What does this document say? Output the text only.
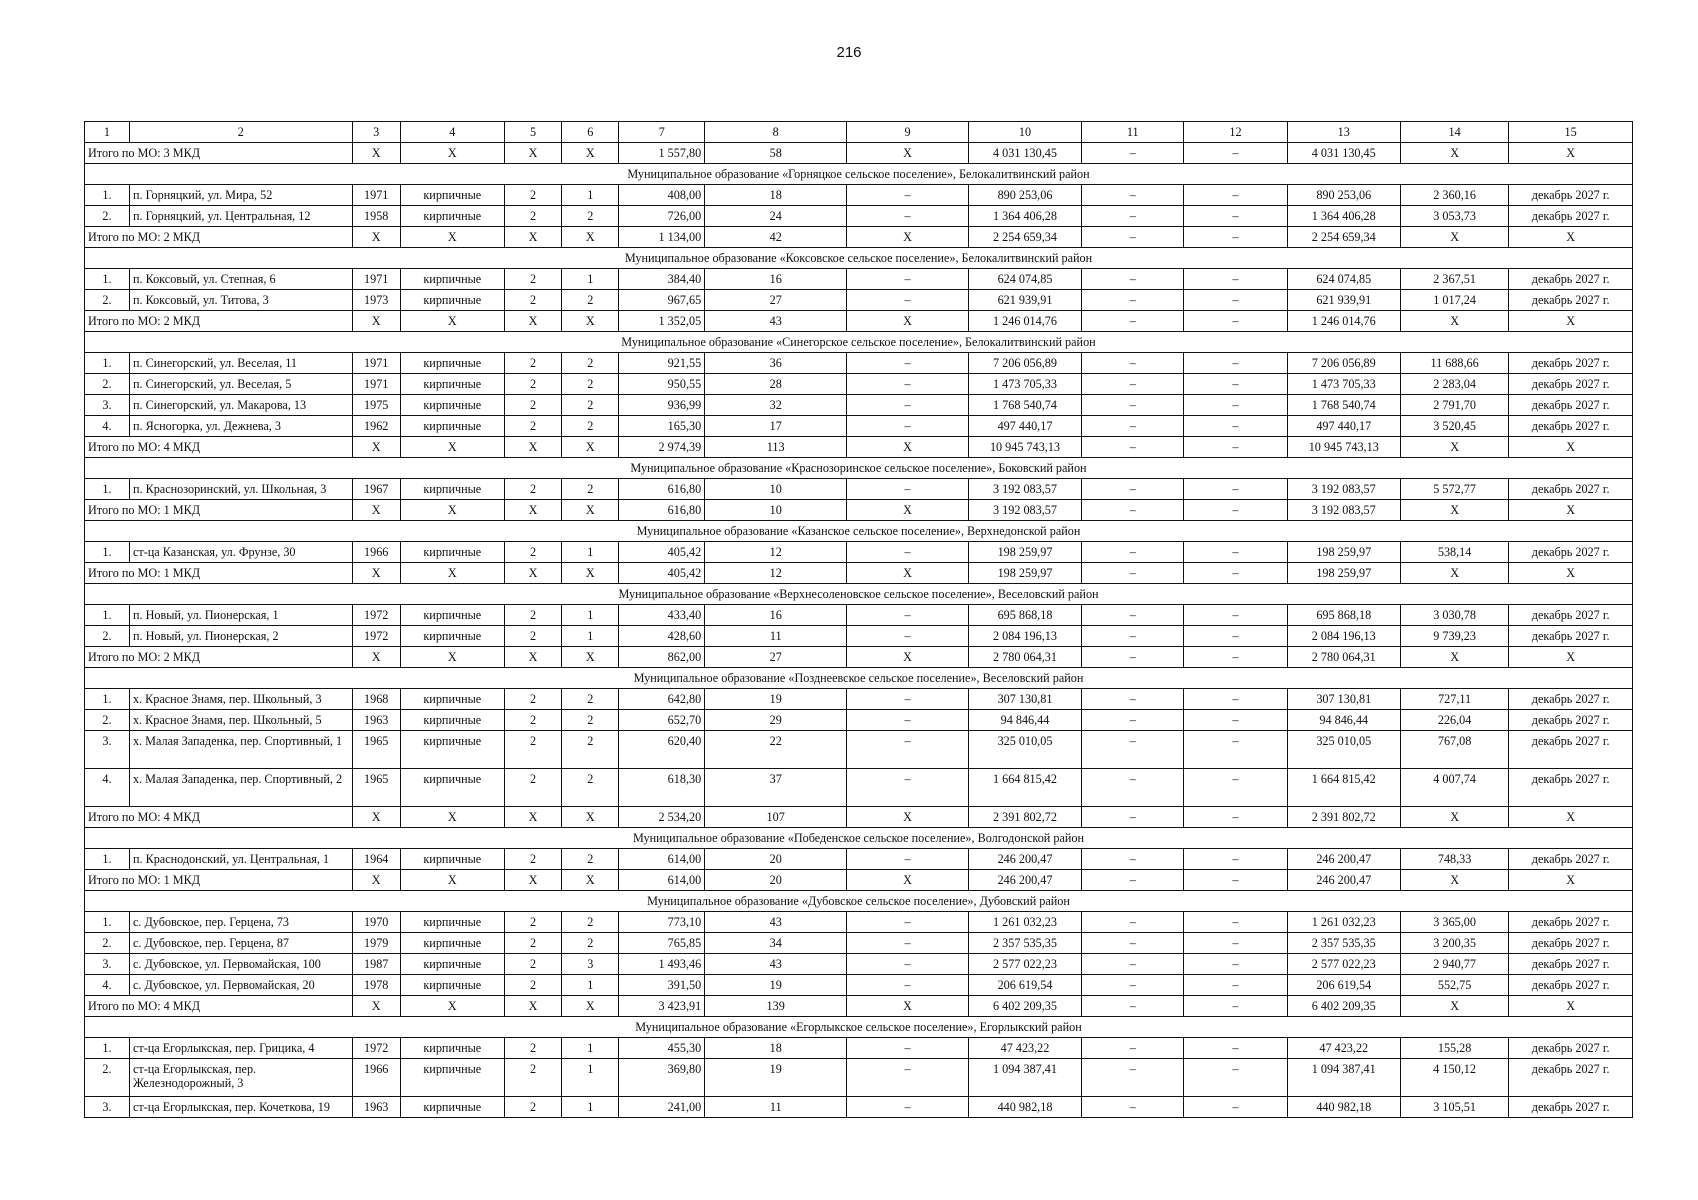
216
1	2	3	4	5	6	7	8	9	10	11	12	13	14	15
Итого по МО: 3 МКД		X	X	X	X	1 557,80	58	X	4 031 130,45	–	–	4 031 130,45	X	X
Муниципальное образование «Горняцкое сельское поселение», Белокалитвинский район														
1.	п. Горняцкий, ул. Мира, 52	1971	кирпичные	2	1	408,00	18	–	890 253,06	–	–	890 253,06	2 360,16	декабрь 2027 г.
2.	п. Горняцкий, ул. Центральная, 12	1958	кирпичные	2	2	726,00	24	–	1 364 406,28	–	–	1 364 406,28	3 053,73	декабрь 2027 г.
Итого по МО: 2 МКД		X	X	X	X	1 134,00	42	X	2 254 659,34	–	–	2 254 659,34	X	X
Муниципальное образование «Коксовское сельское поселение», Белокалитвинский район														
1.	п. Коксовый, ул. Степная, 6	1971	кирпичные	2	1	384,40	16	–	624 074,85	–	–	624 074,85	2 367,51	декабрь 2027 г.
2.	п. Коксовый, ул. Титова, 3	1973	кирпичные	2	2	967,65	27	–	621 939,91	–	–	621 939,91	1 017,24	декабрь 2027 г.
Итого по МО: 2 МКД		X	X	X	X	1 352,05	43	X	1 246 014,76	–	–	1 246 014,76	X	X
Муниципальное образование «Синегорское сельское поселение», Белокалитвинский район														
1.	п. Синегорский, ул. Веселая, 11	1971	кирпичные	2	2	921,55	36	–	7 206 056,89	–	–	7 206 056,89	11 688,66	декабрь 2027 г.
2.	п. Синегорский, ул. Веселая, 5	1971	кирпичные	2	2	950,55	28	–	1 473 705,33	–	–	1 473 705,33	2 283,04	декабрь 2027 г.
3.	п. Синегорский, ул. Макарова, 13	1975	кирпичные	2	2	936,99	32	–	1 768 540,74	–	–	1 768 540,74	2 791,70	декабрь 2027 г.
4.	п. Ясногорка, ул. Дежнева, 3	1962	кирпичные	2	2	165,30	17	–	497 440,17	–	–	497 440,17	3 520,45	декабрь 2027 г.
Итого по МО: 4 МКД		X	X	X	X	2 974,39	113	X	10 945 743,13	–	–	10 945 743,13	X	X
Муниципальное образование «Краснозоринское сельское поселение», Боковский район														
1.	п. Краснозоринский, ул. Школьная, 3	1967	кирпичные	2	2	616,80	10	–	3 192 083,57	–	–	3 192 083,57	5 572,77	декабрь 2027 г.
Итого по МО: 1 МКД		X	X	X	X	616,80	10	X	3 192 083,57	–	–	3 192 083,57	X	X
Муниципальное образование «Казанское сельское поселение», Верхнедонской район														
1.	ст-ца Казанская, ул. Фрунзе, 30	1966	кирпичные	2	1	405,42	12	–	198 259,97	–	–	198 259,97	538,14	декабрь 2027 г.
Итого по МО: 1 МКД		X	X	X	X	405,42	12	X	198 259,97	–	–	198 259,97	X	X
Муниципальное образование «Верхнесоленовское сельское поселение», Веселовский район														
1.	п. Новый, ул. Пионерская, 1	1972	кирпичные	2	1	433,40	16	–	695 868,18	–	–	695 868,18	3 030,78	декабрь 2027 г.
2.	п. Новый, ул. Пионерская, 2	1972	кирпичные	2	1	428,60	11	–	2 084 196,13	–	–	2 084 196,13	9 739,23	декабрь 2027 г.
Итого по МО: 2 МКД		X	X	X	X	862,00	27	X	2 780 064,31	–	–	2 780 064,31	X	X
Муниципальное образование «Позднеевское сельское поселение», Веселовский район														
1.	х. Красное Знамя, пер. Школьный, 3	1968	кирпичные	2	2	642,80	19	–	307 130,81	–	–	307 130,81	727,11	декабрь 2027 г.
2.	х. Красное Знамя, пер. Школьный, 5	1963	кирпичные	2	2	652,70	29	–	94 846,44	–	–	94 846,44	226,04	декабрь 2027 г.
3.	х. Малая Западенка, пер. Спортивный, 1	1965	кирпичные	2	2	620,40	22	–	325 010,05	–	–	325 010,05	767,08	декабрь 2027 г.
4.	х. Малая Западенка, пер. Спортивный, 2	1965	кирпичные	2	2	618,30	37	–	1 664 815,42	–	–	1 664 815,42	4 007,74	декабрь 2027 г.
Итого по МО: 4 МКД		X	X	X	X	2 534,20	107	X	2 391 802,72	–	–	2 391 802,72	X	X
Муниципальное образование «Победенское сельское поселение», Волгодонской район														
1.	п. Краснодонский, ул. Центральная, 1	1964	кирпичные	2	2	614,00	20	–	246 200,47	–	–	246 200,47	748,33	декабрь 2027 г.
Итого по МО: 1 МКД		X	X	X	X	614,00	20	X	246 200,47	–	–	246 200,47	X	X
Муниципальное образование «Дубовское сельское поселение», Дубовский район														
1.	с. Дубовское, пер. Герцена, 73	1970	кирпичные	2	2	773,10	43	–	1 261 032,23	–	–	1 261 032,23	3 365,00	декабрь 2027 г.
2.	с. Дубовское, пер. Герцена, 87	1979	кирпичные	2	2	765,85	34	–	2 357 535,35	–	–	2 357 535,35	3 200,35	декабрь 2027 г.
3.	с. Дубовское, ул. Первомайская, 100	1987	кирпичные	2	3	1 493,46	43	–	2 577 022,23	–	–	2 577 022,23	2 940,77	декабрь 2027 г.
4.	с. Дубовское, ул. Первомайская, 20	1978	кирпичные	2	1	391,50	19	–	206 619,54	–	–	206 619,54	552,75	декабрь 2027 г.
Итого по МО: 4 МКД		X	X	X	X	3 423,91	139	X	6 402 209,35	–	–	6 402 209,35	X	X
Муниципальное образование «Егорлыкское сельское поселение», Егорлыкский район														
1.	ст-ца Егорлыкская, пер. Грицика, 4	1972	кирпичные	2	1	455,30	18	–	47 423,22	–	–	47 423,22	155,28	декабрь 2027 г.
2.	ст-ца Егорлыкская, пер. Железнодорожный, 3	1966	кирпичные	2	1	369,80	19	–	1 094 387,41	–	–	1 094 387,41	4 150,12	декабрь 2027 г.
3.	ст-ца Егорлыкская, пер. Кочеткова, 19	1963	кирпичные	2	1	241,00	11	–	440 982,18	–	–	440 982,18	3 105,51	декабрь 2027 г.
